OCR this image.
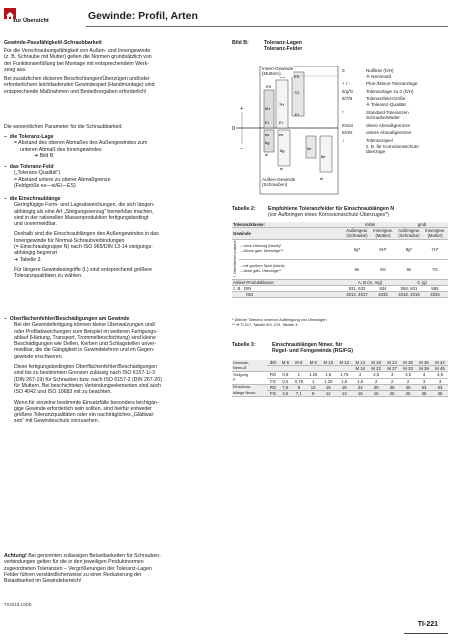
zur Übersicht	Gewinde: Profil, Arten
Gewinde-Passfähigkeit/-Schraubbarkeit
Für die Verschraubungsfähigkeit von Außen- und Innengewinde
(z. B. Schraube mit Mutter) gelten die Normen grundsätzlich von
der Funktionserfüllung bei Montage mit entsprechendem Werk-
zeug aus.
Bei zusätzlichen dickeren Beschichtungen/Überzügen und/oder
erforderlichem leichtlaufenden Gewindespiel (Handmontage) sind
entsprechende Maßnahmen und Bestellvorgaben erforderlich!
Die wesentlichen Parameter für die Schraubbarkeit:
–  die Toleranz-Lage
= Abstand des oberen Abmaßes des Außengewindes zum
unteren Abmaß des Innengewindes
➔ Bild B
–  das Toleranz-Feld
(„Toleranz-Qualität“)
= Abstand untere zu oberer Abmaßgrenze
(Feldgröße es—ei/EI—ES)
–  die Einschraublänge
Geringfügige Form- und Lageabweichungen, die sich längen-
abhängig als eine Art „Steigungsverzug“ bemerkbar machen,
sind in der rationellen Massenproduktion fertigungsbedingt
und unvermeidbar.
Deshalb sind die Einschraublängen des Außengewindes in das
Innengewinde für Normal-Schraubverbindungen
(= Einschraubgruppe N) nach ISO 965/DIN 13-14 steigungs-
abhängig begrenzt
➔ Tabelle 3
Für längere Gewindeeingriffe (L) sind entsprechend größere
Toleranzqualitäten zu wählen.
–  Oberflächenfehler/Beschädigungen am Gewinde
Bei der Gewindefertigung können kleine Überwalzungen und/
oder Profilabweichungen zum Beispiel im weiteren Fertigungs-
ablauf (Härtung, Transport, Trommelbeschichtung) sind kleine
Beschädigungen wie Dellen, Kerben und Schlagstellen unver-
meidbar, die die Gängigkeit in Gewindelehren und im Gegen-
gewinde erschweren.
Diese fertigungsbedingten Oberflächenfehler/Beschädigungen
sind bis zu bestimmten Grenzen zulässig nach ISO 6157-1/-3
(DIN 267-19) für Schrauben bzw. nach ISO 6157-2 (DIN 267-20)
für Muttern. Bei beschichteten Verbindungselementen sind auch
ISO 4042 und ISO 10683 mit zu beachten.
Wenn für einzelne bestimmte Einsatzfälle besonders leichtgän-
gige Gewinde erforderlich sein sollten, sind hierfür entweder
größere Toleranzqualitäten oder ein nachträgliches „Glättwal-
zen“ mit Gewindeschutz vorzusehen.
Achtung! Bei genormten zulässigen Belastbarkeiten für Schrauben-
verbindungen gelten für die in den jeweiligen Produktnormen
zugeordneten Toleranzen – Vergrößerungen der Toleranz-Lagen
Felder führen verständlicherweise zu einer Reduzierung der
Belastbarkeit im Gewindebereich!
Bild B:	Toleranz-Lagen
Toleranz-Felder
0
+
−
ES
6H
7H
EI	EI
EI
es es
6g
8g
ei
ei
ES
7G
6e
8e
ei
Innen-Gewinde
(Muttern)
Außen-Gewinde
(Schrauben)
0	Nulllinie (h/H)
≙ Nennmaß
+ / -	Plus-/Minus-Toleranzlage
6/g/G	Toleranzlage zu 0 (h/H)
6/7/8	Toleranzfeld-Größe
≙ Toleranz-Qualität
*	Standard-Toleranzen
Schraube/Mutter
ES/ei	obere Abmaßgrenzen
EI/es	untere Abmaßgrenzen
↕	Toleranzspiel
z. B. für Korrosionsschutz-
überzüge
Tabelle 2: Empfohlene Toleranzfelder für Einschraublängen N
(vor Aufbringen eines Korrosionsschutz-Überzuges*)
Toleranzklasse:		mittel		grob	
Gewinde		Außengew. (Schraube)	Innengew. (Mutter)	Außengew. (Schraube)	Innengew. (Mutter)
f. Oberflächen-zustand	– ohne Überzug (blank)*
– dünne galv. Überzüge**	6g*	6H*	8g*	7H*

	– mit großem Spiel (blank)
– dicke galv. Überzüge**	6e	6G	8e	7G
Artikel-Produktklasse:		A, B (m, mg)		C (g)	
z. B. DIN		931, 933	934	558, 601	555
ISO		4014, 4017	4032	4018, 4016	4034
* Übliche Toleranz ohne/vor Aufbringung von Überzügen
** ➔ TI-217, Tabelle 8/9 -219, Tabelle 4
Tabelle 3:	Einschraublängen Nmax. für
Regel- und Feingewinde (RG/FG)
Gewinde-
Nenn-Ø	d/D	M 5	M 6	M 8	M 10	M 12	M 14	M 18	M 24	M 30	M 36	M 42
							M 16	M 22	M 27	M 33	M 39	M 45

Steigung
P	RG	0,8	1	1,25	1,5	1,75	2	2,5	3	3,5	4	4,5
	FG	0,5	0,75	1	1,25	1,5	1,5	2	2	2	3	3

Einschrau-
blänge Nmax.	RG	7,5	9	12	15	18	24	30	36	45	53	63
	FG	4,5	7,1	9	12	13	16	16	25	25	36	36
TI/2019.10DE
TI-221
